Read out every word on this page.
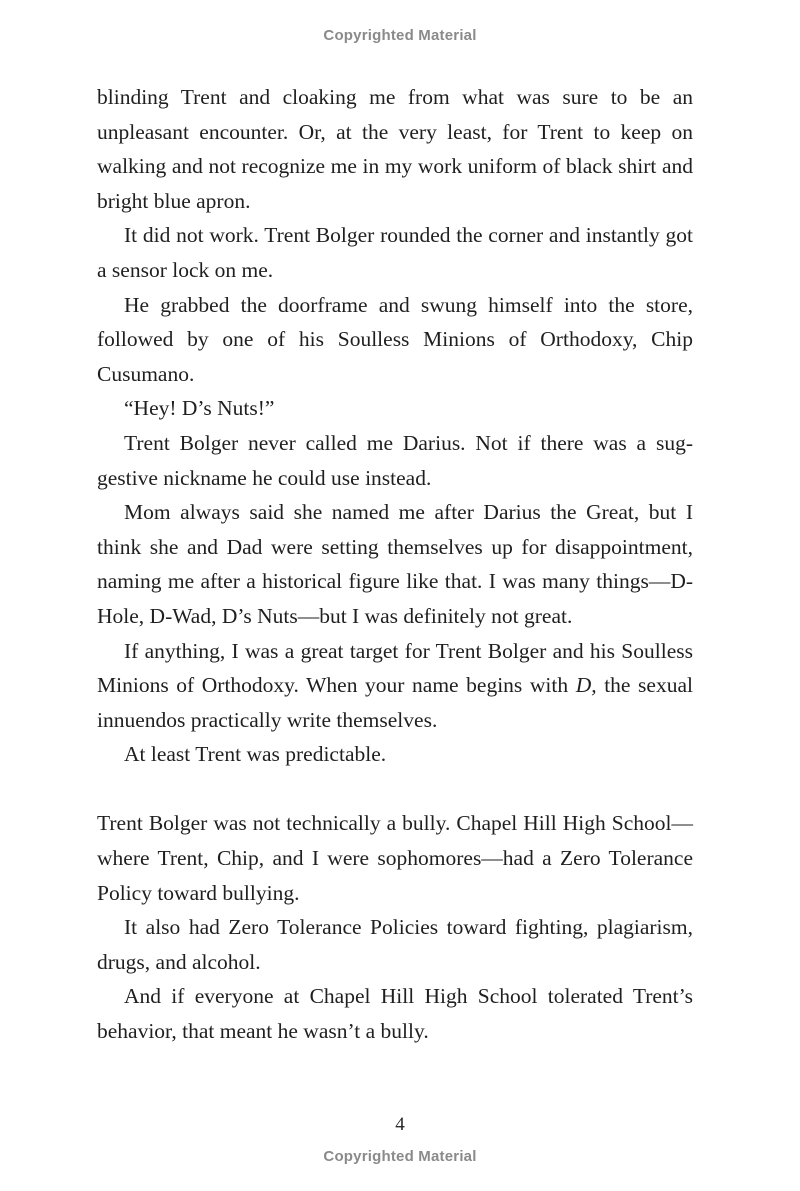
Copyrighted Material

blinding Trent and cloaking me from what was sure to be an unpleasant encounter. Or, at the very least, for Trent to keep on walking and not recognize me in my work uniform of black shirt and bright blue apron.

It did not work. Trent Bolger rounded the corner and instantly got a sensor lock on me.

He grabbed the doorframe and swung himself into the store, followed by one of his Soulless Minions of Orthodoxy, Chip Cusumano.

“Hey! D’s Nuts!”

Trent Bolger never called me Darius. Not if there was a suggestive nickname he could use instead.

Mom always said she named me after Darius the Great, but I think she and Dad were setting themselves up for disappointment, naming me after a historical figure like that. I was many things—D-Hole, D-Wad, D’s Nuts—but I was definitely not great.

If anything, I was a great target for Trent Bolger and his Soulless Minions of Orthodoxy. When your name begins with D, the sexual innuendos practically write themselves.

At least Trent was predictable.

Trent Bolger was not technically a bully. Chapel Hill High School—where Trent, Chip, and I were sophomores—had a Zero Tolerance Policy toward bullying.

It also had Zero Tolerance Policies toward fighting, plagiarism, drugs, and alcohol.

And if everyone at Chapel Hill High School tolerated Trent’s behavior, that meant he wasn’t a bully.

4
Copyrighted Material
